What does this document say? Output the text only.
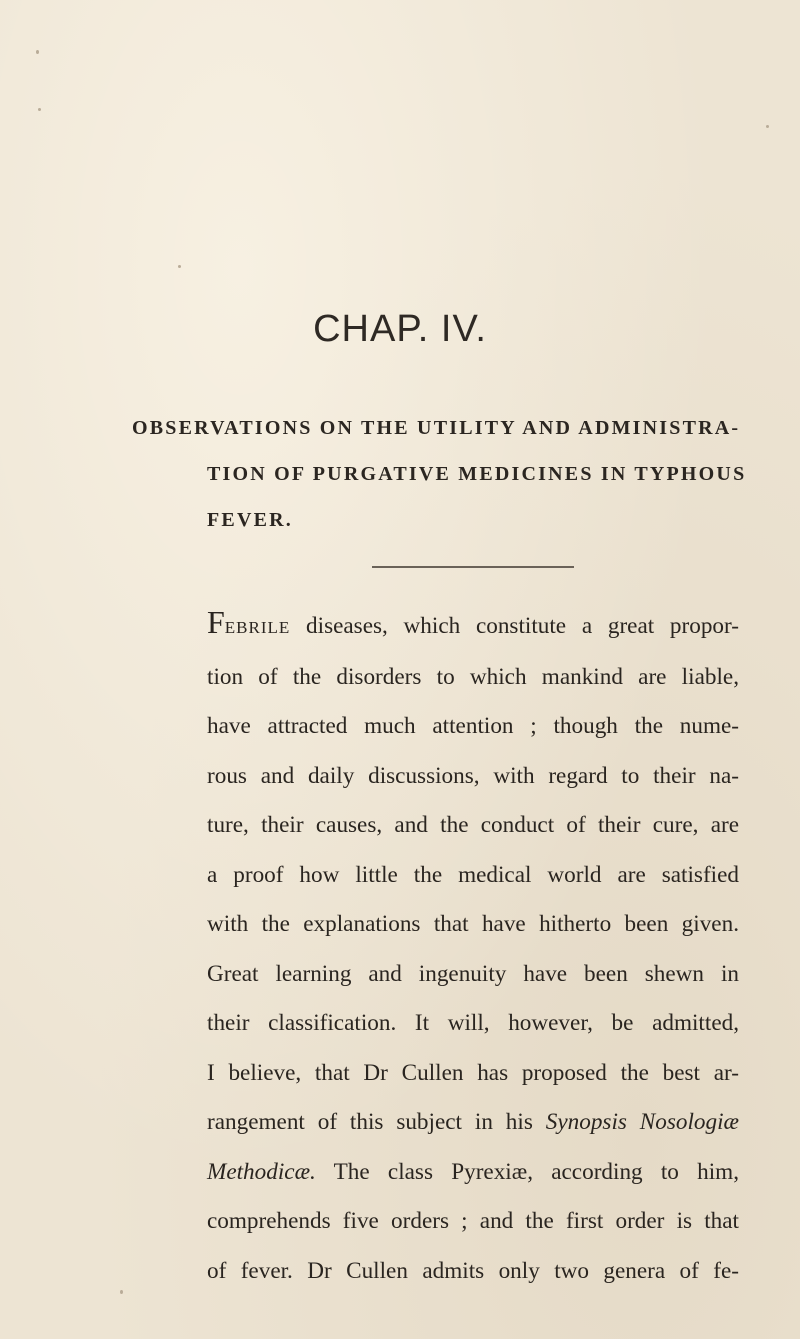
CHAP. IV.
OBSERVATIONS ON THE UTILITY AND ADMINISTRA-
TION OF PURGATIVE MEDICINES IN TYPHOUS
FEVER.
FEBRILE diseases, which constitute a great propor-
tion of the disorders to which mankind are liable,
have attracted much attention ; though the nume-
rous and daily discussions, with regard to their na-
ture, their causes, and the conduct of their cure, are
a proof how little the medical world are satisfied
with the explanations that have hitherto been given.
Great learning and ingenuity have been shewn in
their classification. It will, however, be admitted,
I believe, that Dr Cullen has proposed the best ar-
rangement of this subject in his Synopsis Nosologiæ
Methodicæ. The class Pyrexiæ, according to him,
comprehends five orders ; and the first order is that
of fever. Dr Cullen admits only two genera of fe-
